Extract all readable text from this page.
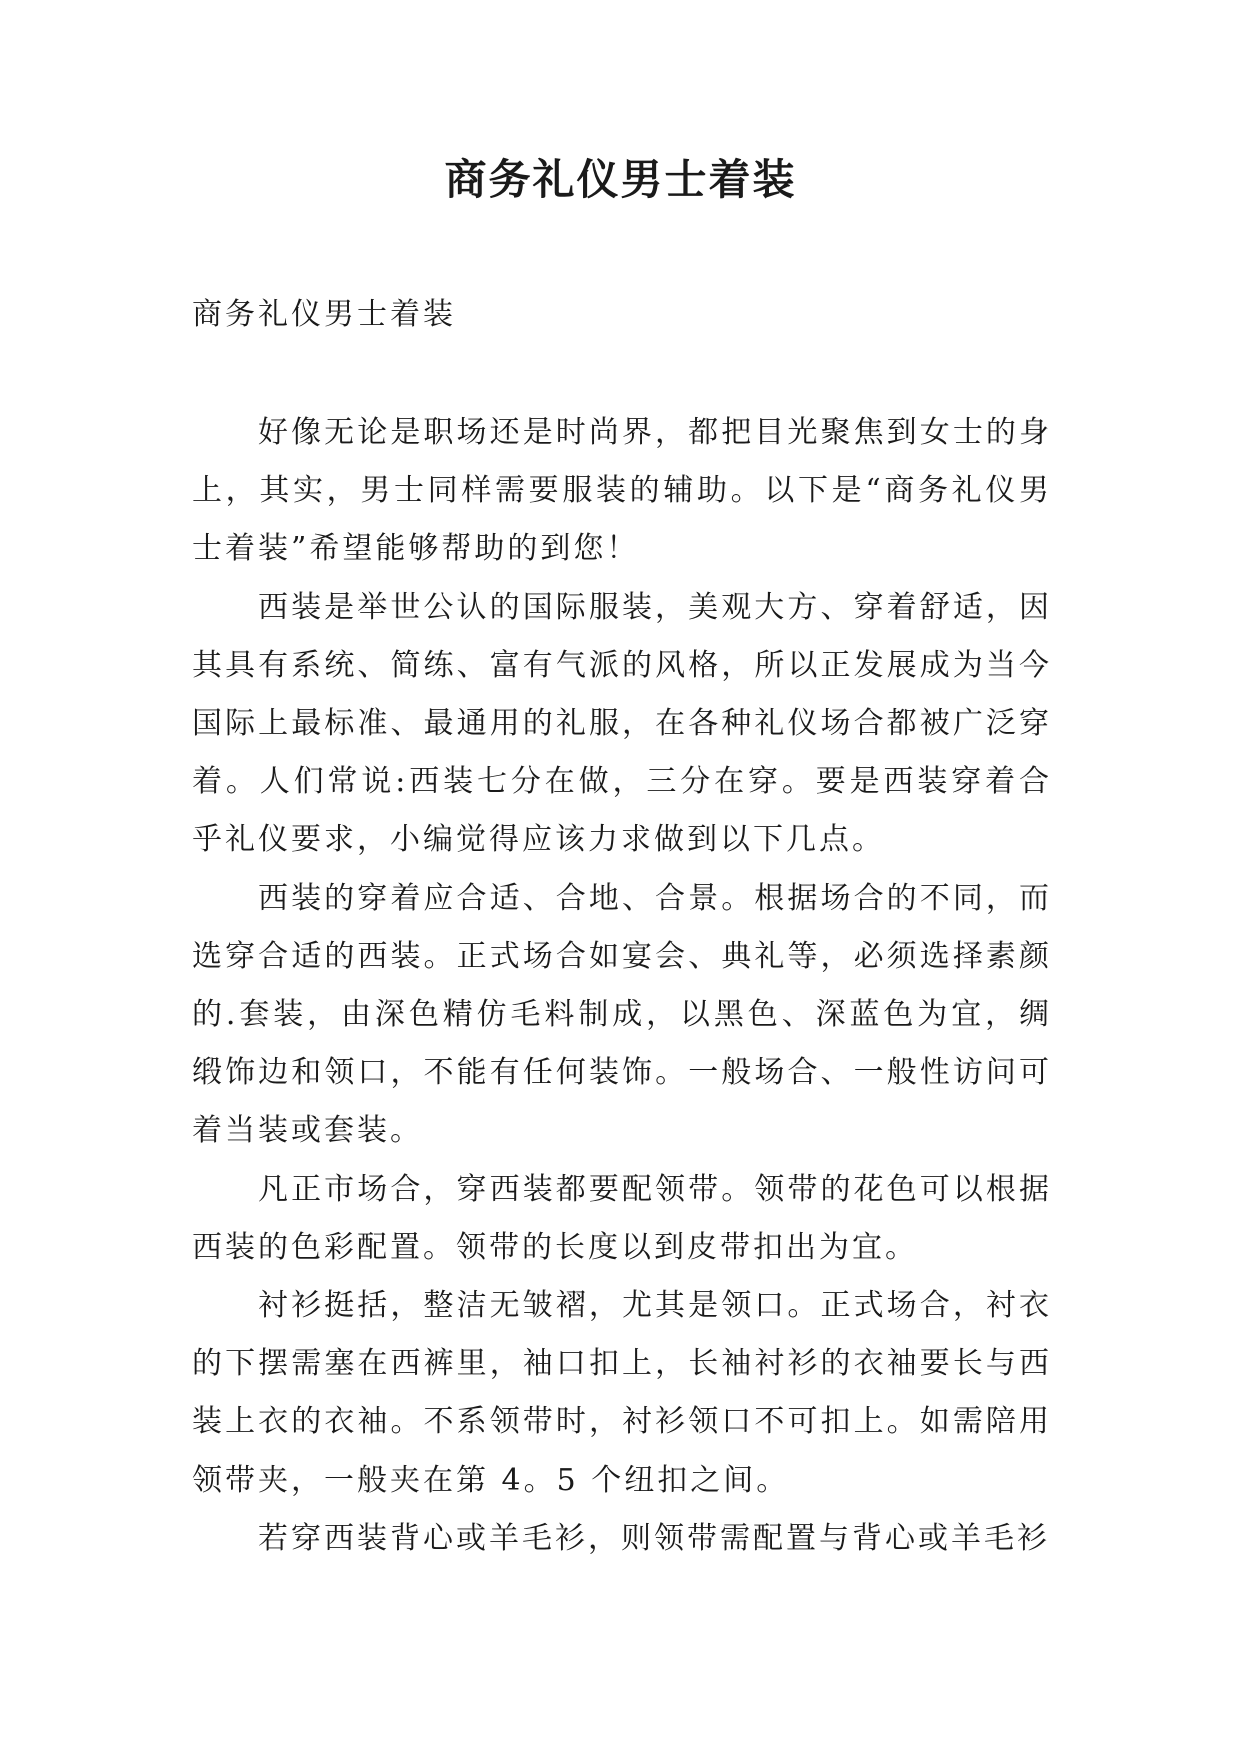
商务礼仪男士着装

商务礼仪男士着装

好像无论是职场还是时尚界，都把目光聚焦到女士的身上，其实，男士同样需要服装的辅助。以下是“商务礼仪男士着装”希望能够帮助的到您！

西装是举世公认的国际服装，美观大方、穿着舒适，因其具有系统、简练、富有气派的风格，所以正发展成为当今国际上最标准、最通用的礼服，在各种礼仪场合都被广泛穿着。人们常说:西装七分在做，三分在穿。要是西装穿着合乎礼仪要求，小编觉得应该力求做到以下几点。

西装的穿着应合适、合地、合景。根据场合的不同，而选穿合适的西装。正式场合如宴会、典礼等，必须选择素颜的.套装，由深色精仿毛料制成，以黑色、深蓝色为宜，绸缎饰边和领口，不能有任何装饰。一般场合、一般性访问可着当装或套装。

凡正市场合，穿西装都要配领带。领带的花色可以根据西装的色彩配置。领带的长度以到皮带扣出为宜。

衬衫挺括，整洁无皱褶，尤其是领口。正式场合，衬衣的下摆需塞在西裤里，袖口扣上，长袖衬衫的衣袖要长与西装上衣的衣袖。不系领带时，衬衫领口不可扣上。如需陪用领带夹，一般夹在第 4。5 个纽扣之间。

若穿西装背心或羊毛衫，则领带需配置与背心或羊毛衫
